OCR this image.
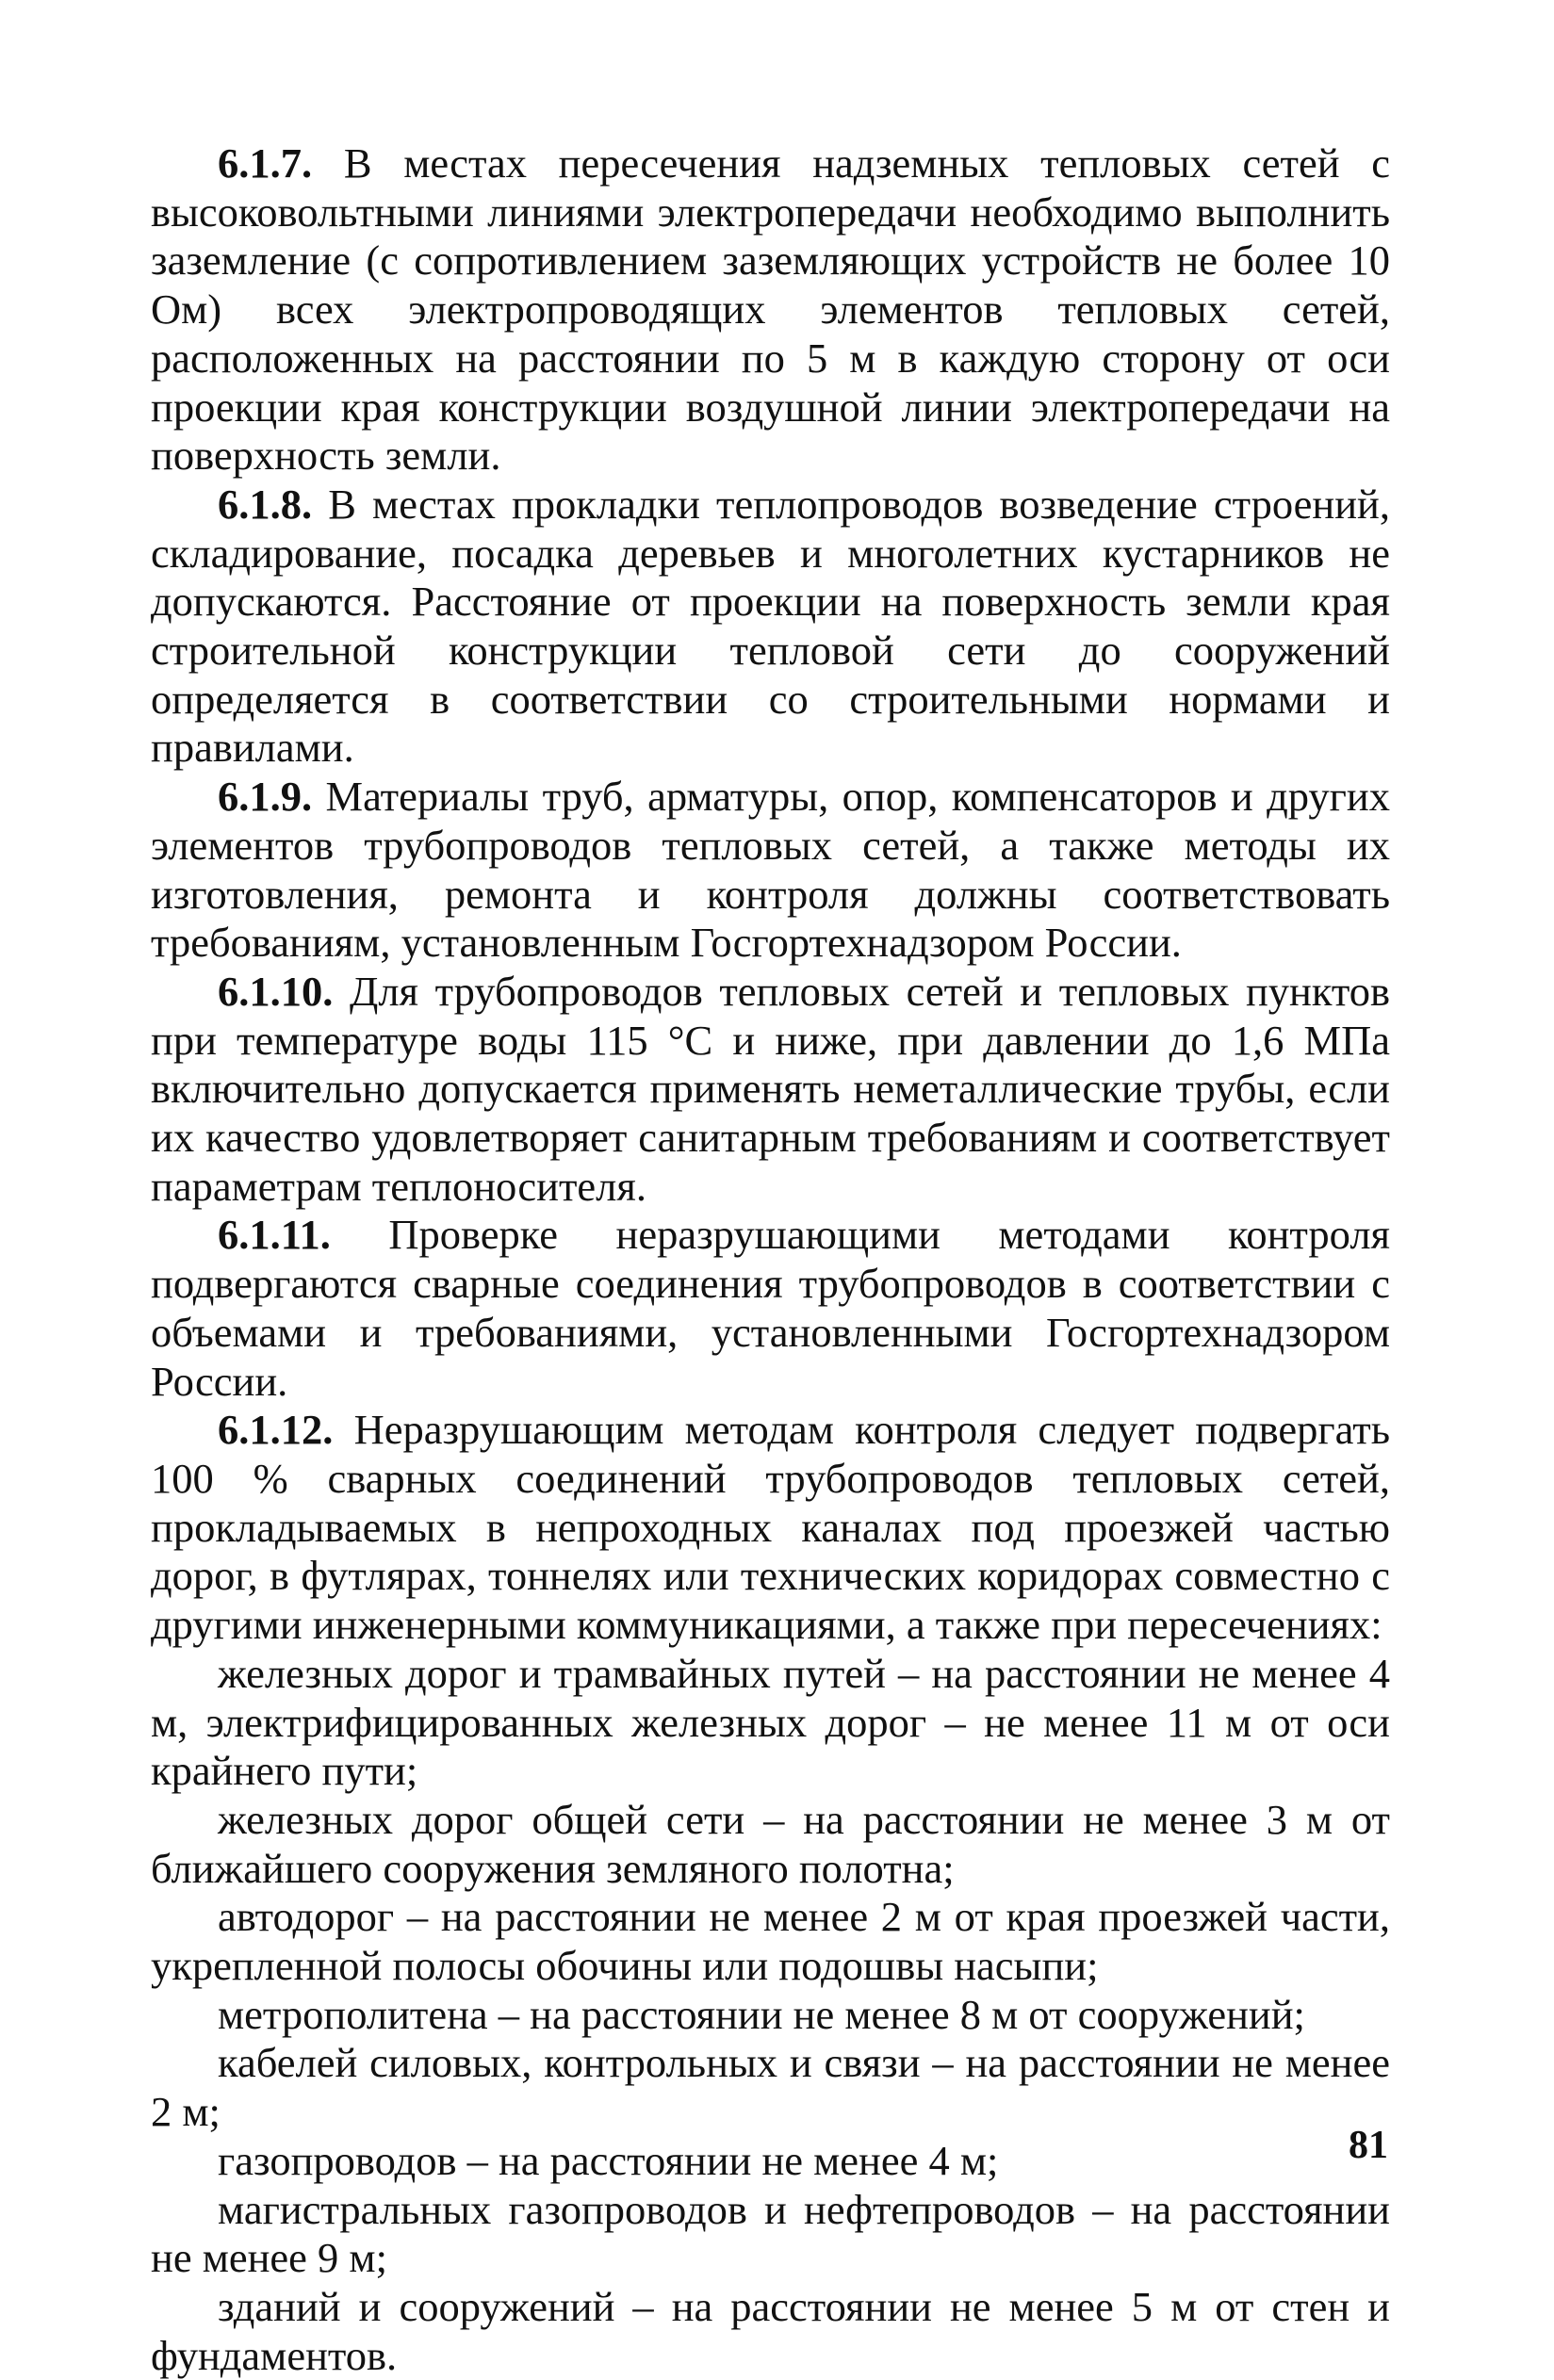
6.1.7. В местах пересечения надземных тепловых сетей с высоковольтными линиями электропередачи необходимо выполнить заземление (с сопротивлением заземляющих устройств не более 10 Ом) всех электропроводящих элементов тепловых сетей, расположенных на расстоянии по 5 м в каждую сторону от оси проекции края конструкции воздушной линии электропередачи на поверхность земли.

6.1.8. В местах прокладки теплопроводов возведение строений, складирование, посадка деревьев и многолетних кустарников не допускаются. Расстояние от проекции на поверхность земли края строительной конструкции тепловой сети до сооружений определяется в соответствии со строительными нормами и правилами.

6.1.9. Материалы труб, арматуры, опор, компенсаторов и других элементов трубопроводов тепловых сетей, а также методы их изготовления, ремонта и контроля должны соответствовать требованиям, установленным Госгортехнадзором России.

6.1.10. Для трубопроводов тепловых сетей и тепловых пунктов при температуре воды 115 °С и ниже, при давлении до 1,6 МПа включительно допускается применять неметаллические трубы, если их качество удовлетворяет санитарным требованиям и соответствует параметрам теплоносителя.

6.1.11. Проверке неразрушающими методами контроля подвергаются сварные соединения трубопроводов в соответствии с объемами и требованиями, установленными Госгортехнадзором России.

6.1.12. Неразрушающим методам контроля следует подвергать 100 % сварных соединений трубопроводов тепловых сетей, прокладываемых в непроходных каналах под проезжей частью дорог, в футлярах, тоннелях или технических коридорах совместно с другими инженерными коммуникациями, а также при пересечениях:

железных дорог и трамвайных путей – на расстоянии не менее 4 м, электрифицированных железных дорог – не менее 11 м от оси крайнего пути;

железных дорог общей сети – на расстоянии не менее 3 м от ближайшего сооружения земляного полотна;

автодорог – на расстоянии не менее 2 м от края проезжей части, укрепленной полосы обочины или подошвы насыпи;

метрополитена – на расстоянии не менее 8 м от сооружений;

кабелей силовых, контрольных и связи – на расстоянии не менее 2 м;

газопроводов – на расстоянии не менее 4 м;

магистральных газопроводов и нефтепроводов – на расстоянии не менее 9 м;

зданий и сооружений – на расстоянии не менее 5 м от стен и фундаментов.

81
